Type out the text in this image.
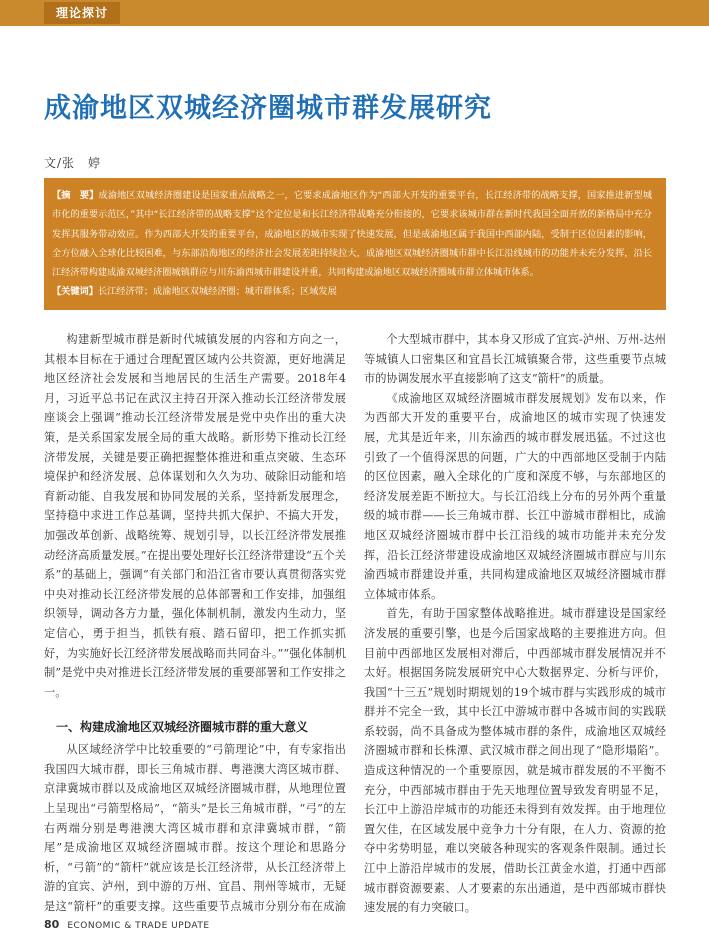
理论探讨
成渝地区双城经济圈城市群发展研究
文/张　婷

【摘　要】成渝地区双城经济圈建设是国家重点战略之一，它要求成渝地区作为“西部大开发的重要平台，长江经济带的战略支撑，国家推进新型城市化的重要示范区，”其中“长江经济带的战略支撑”这个定位是和长江经济带战略充分衔接的，它要求该城市群在新时代我国全面开放的新格局中充分发挥其服务带动效应。作为西部大开发的重要平台，成渝地区的城市实现了快速发展，但是成渝地区属于我国中西部内陆，受制于区位因素的影响，全方位融入全球化比较困难，与东部沿海地区的经济社会发展差距持续拉大，成渝地区双城经济圈城市群中长江沿线城市的功能并未充分发挥，沿长江经济带构建成渝双城经济圈城镇群应与川东渝西城市群建设并重，共同构建成渝地区双城经济圈城市群立体城市体系。

【关键词】长江经济带；成渝地区双城经济圈；城市群体系；区域发展

构建新型城市群是新时代城镇发展的内容和方向之一，其根本目标在于通过合理配置区域内公共资源，更好地满足地区经济社会发展和当地居民的生活生产需要。2018年4月，习近平总书记在武汉主持召开深入推动长江经济带发展座谈会上强调“推动长江经济带发展是党中央作出的重大决策，是关系国家发展全局的重大战略。新形势下推动长江经济带发展，关键是要正确把握整体推进和重点突破、生态环境保护和经济发展、总体谋划和久久为功、破除旧动能和培育新动能、自我发展和协同发展的关系，坚持新发展理念，坚持稳中求进工作总基调，坚持共抓大保护、不搞大开发，加强改革创新、战略统筹、规划引导，以长江经济带发展推动经济高质量发展。”在提出要处理好长江经济带建设“五个关系”的基础上，强调“有关部门和沿江省市要认真贯彻落实党中央对推动长江经济带发展的总体部署和工作安排，加强组织领导，调动各方力量，强化体制机制，激发内生动力，坚定信心，勇于担当，抓铁有痕、踏石留印，把工作抓实抓好，为实施好长江经济带发展战略而共同奋斗。”“强化体制机制”是党中央对推进长江经济带发展的重要部署和工作安排之一。

一、构建成渝地区双城经济圈城市群的重大意义

从区域经济学中比较重要的“弓箭理论”中，有专家指出我国四大城市群，即长三角城市群、粤港澳大湾区城市群、京津冀城市群以及成渝地区双城经济圈城市群，从地理位置上呈现出“弓箭型格局”，“箭头”是长三角城市群，“弓”的左右两端分别是粤港澳大湾区城市群和京津冀城市群，“箭尾”是成渝地区双城经济圈城市群。按这个理论和思路分析，“弓箭”的“箭杆”就应该是长江经济带，从长江经济带上游的宜宾、泸州，到中游的万州、宜昌、荆州等城市，无疑是这“箭杆”的重要支撑。这些重要节点城市分别分布在成渝

个大型城市群中，其本身又形成了宜宾-泸州、万州-达州等城镇人口密集区和宜昌长江城镇聚合带，这些重要节点城市的协调发展水平直接影响了这支“箭杆”的质量。

《成渝地区双城经济圈城市群发展规划》发布以来，作为西部大开发的重要平台，成渝地区的城市实现了快速发展，尤其是近年来，川东渝西的城市群发展迅猛。不过这也引致了一个值得深思的问题，广大的中西部地区受制于内陆的区位因素，融入全球化的广度和深度不够，与东部地区的经济发展差距不断拉大。与长江沿线上分布的另外两个重量级的城市群——长三角城市群、长江中游城市群相比，成渝地区双城经济圈城市群中长江沿线的城市功能并未充分发挥，沿长江经济带建设成渝地区双城经济圈城市群应与川东渝西城市群建设并重，共同构建成渝地区双城经济圈城市群立体城市体系。

首先，有助于国家整体战略推进。城市群建设是国家经济发展的重要引擎，也是今后国家战略的主要推进方向。但目前中西部地区发展相对滞后，中西部城市群发展情况并不太好。根据国务院发展研究中心大数据界定、分析与评价，我国“十三五”规划时期规划的19个城市群与实践形成的城市群并不完全一致，其中长江中游城市群中各城市间的实践联系较弱，尚不具备成为整体城市群的条件，成渝地区双城经济圈城市群和长株潭、武汉城市群之间出现了“隐形塌陷”。造成这种情况的一个重要原因，就是城市群发展的不平衡不充分，中西部城市群由于先天地理位置导致发育明显不足，长江中上游沿岸城市的功能还未得到有效发挥。由于地理位置欠佳，在区域发展中竞争力十分有限，在人力、资源的抢夺中劣势明显，难以突破各种现实的客观条件限制。通过长江中上游沿岸城市的发展，借助长江黄金水道，打通中西部城市群资源要素、人才要素的东出通道，是中西部城市群快速发展的有力突破口。

80 ECONOMIC & TRADE UPDATE
